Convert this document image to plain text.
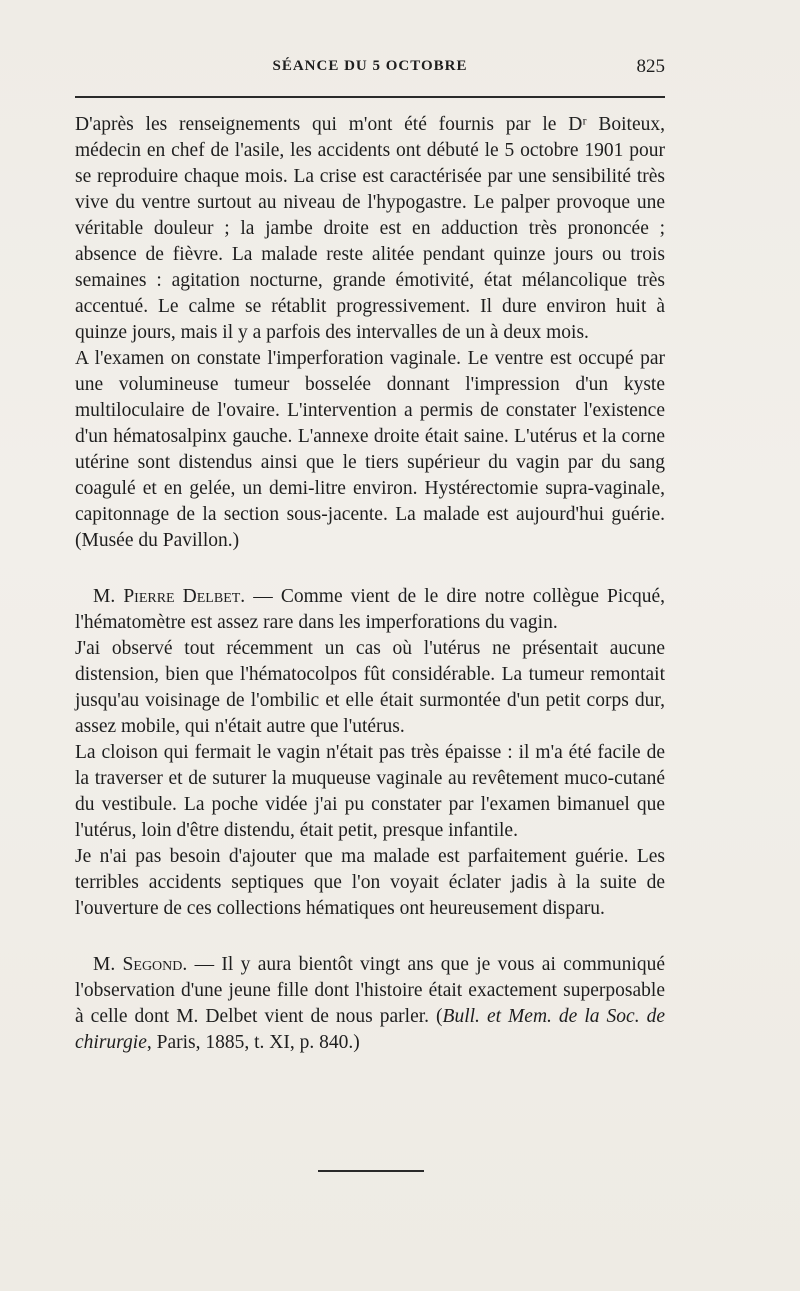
SÉANCE DU 5 OCTOBRE	825

D'après les renseignements qui m'ont été fournis par le Dʳ Boiteux, médecin en chef de l'asile, les accidents ont débuté le 5 octobre 1901 pour se reproduire chaque mois. La crise est caractérisée par une sensibilité très vive du ventre surtout au niveau de l'hypogastre. Le palper provoque une véritable douleur ; la jambe droite est en adduction très prononcée ; absence de fièvre. La malade reste alitée pendant quinze jours ou trois semaines : agitation nocturne, grande émotivité, état mélancolique très accentué. Le calme se rétablit progressivement. Il dure environ huit à quinze jours, mais il y a parfois des intervalles de un à deux mois.

A l'examen on constate l'imperforation vaginale. Le ventre est occupé par une volumineuse tumeur bosselée donnant l'impression d'un kyste multiloculaire de l'ovaire. L'intervention a permis de constater l'existence d'un hématosalpinx gauche. L'annexe droite était saine. L'utérus et la corne utérine sont distendus ainsi que le tiers supérieur du vagin par du sang coagulé et en gelée, un demi-litre environ. Hystérectomie supra-vaginale, capitonnage de la section sous-jacente. La malade est aujourd'hui guérie. (Musée du Pavillon.)

M. Pierre Delbet. — Comme vient de le dire notre collègue Picqué, l'hématomètre est assez rare dans les imperforations du vagin.

J'ai observé tout récemment un cas où l'utérus ne présentait aucune distension, bien que l'hématocolpos fût considérable. La tumeur remontait jusqu'au voisinage de l'ombilic et elle était surmontée d'un petit corps dur, assez mobile, qui n'était autre que l'utérus.

La cloison qui fermait le vagin n'était pas très épaisse : il m'a été facile de la traverser et de suturer la muqueuse vaginale au revêtement muco-cutané du vestibule. La poche vidée j'ai pu constater par l'examen bimanuel que l'utérus, loin d'être distendu, était petit, presque infantile.

Je n'ai pas besoin d'ajouter que ma malade est parfaitement guérie. Les terribles accidents septiques que l'on voyait éclater jadis à la suite de l'ouverture de ces collections hématiques ont heureusement disparu.

M. Segond. — Il y aura bientôt vingt ans que je vous ai communiqué l'observation d'une jeune fille dont l'histoire était exactement superposable à celle dont M. Delbet vient de nous parler. (Bull. et Mem. de la Soc. de chirurgie, Paris, 1885, t. XI, p. 840.)
